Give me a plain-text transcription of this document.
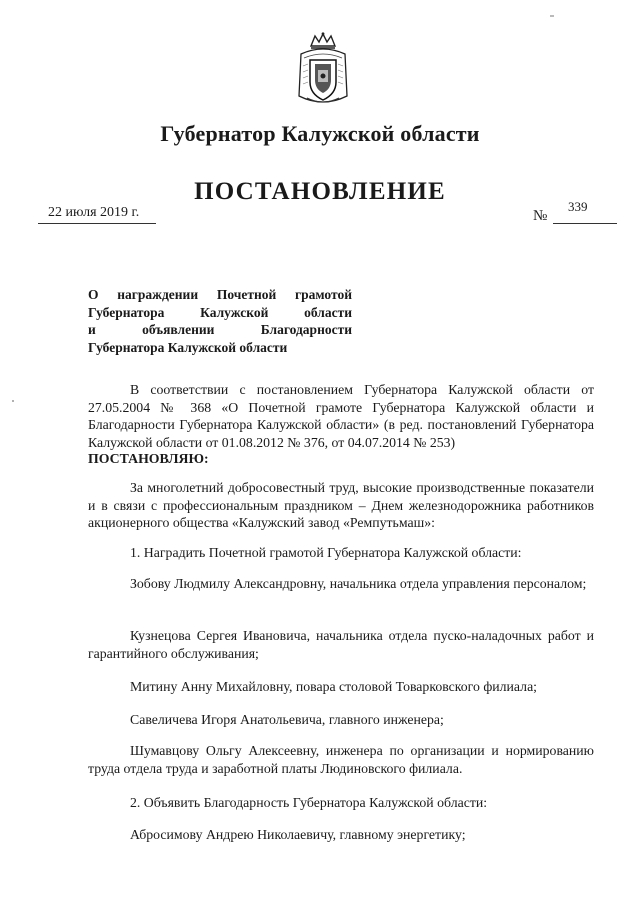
Губернатор Калужской области
ПОСТАНОВЛЕНИЕ
22 июля 2019 г.	№
339
О награждении Почетной грамотой
Губернатора Калужской области
и объявлении Благодарности
Губернатора Калужской области
В соответствии с постановлением Губернатора Калужской области от 27.05.2004 № 368 «О Почетной грамоте Губернатора Калужской области и Благодарности Губернатора Калужской области» (в ред. постановлений Губернатора Калужской области от 01.08.2012 № 376, от 04.07.2014 № 253)
ПОСТАНОВЛЯЮ:
За многолетний добросовестный труд, высокие производственные показатели и в связи с профессиональным праздником – Днем железнодорожника работников акционерного общества «Калужский завод «Ремпутьмаш»:
1. Наградить Почетной грамотой Губернатора Калужской области:
Зобову Людмилу Александровну, начальника отдела управления персоналом;
Кузнецова Сергея Ивановича, начальника отдела пуско-наладочных работ и гарантийного обслуживания;
Митину Анну Михайловну, повара столовой Товарковского филиала;
Савеличева Игоря Анатольевича, главного инженера;
Шумавцову Ольгу Алексеевну, инженера по организации и нормированию труда отдела труда и заработной платы Людиновского филиала.
2. Объявить Благодарность Губернатора Калужской области:
Абросимову Андрею Николаевичу, главному энергетику;
